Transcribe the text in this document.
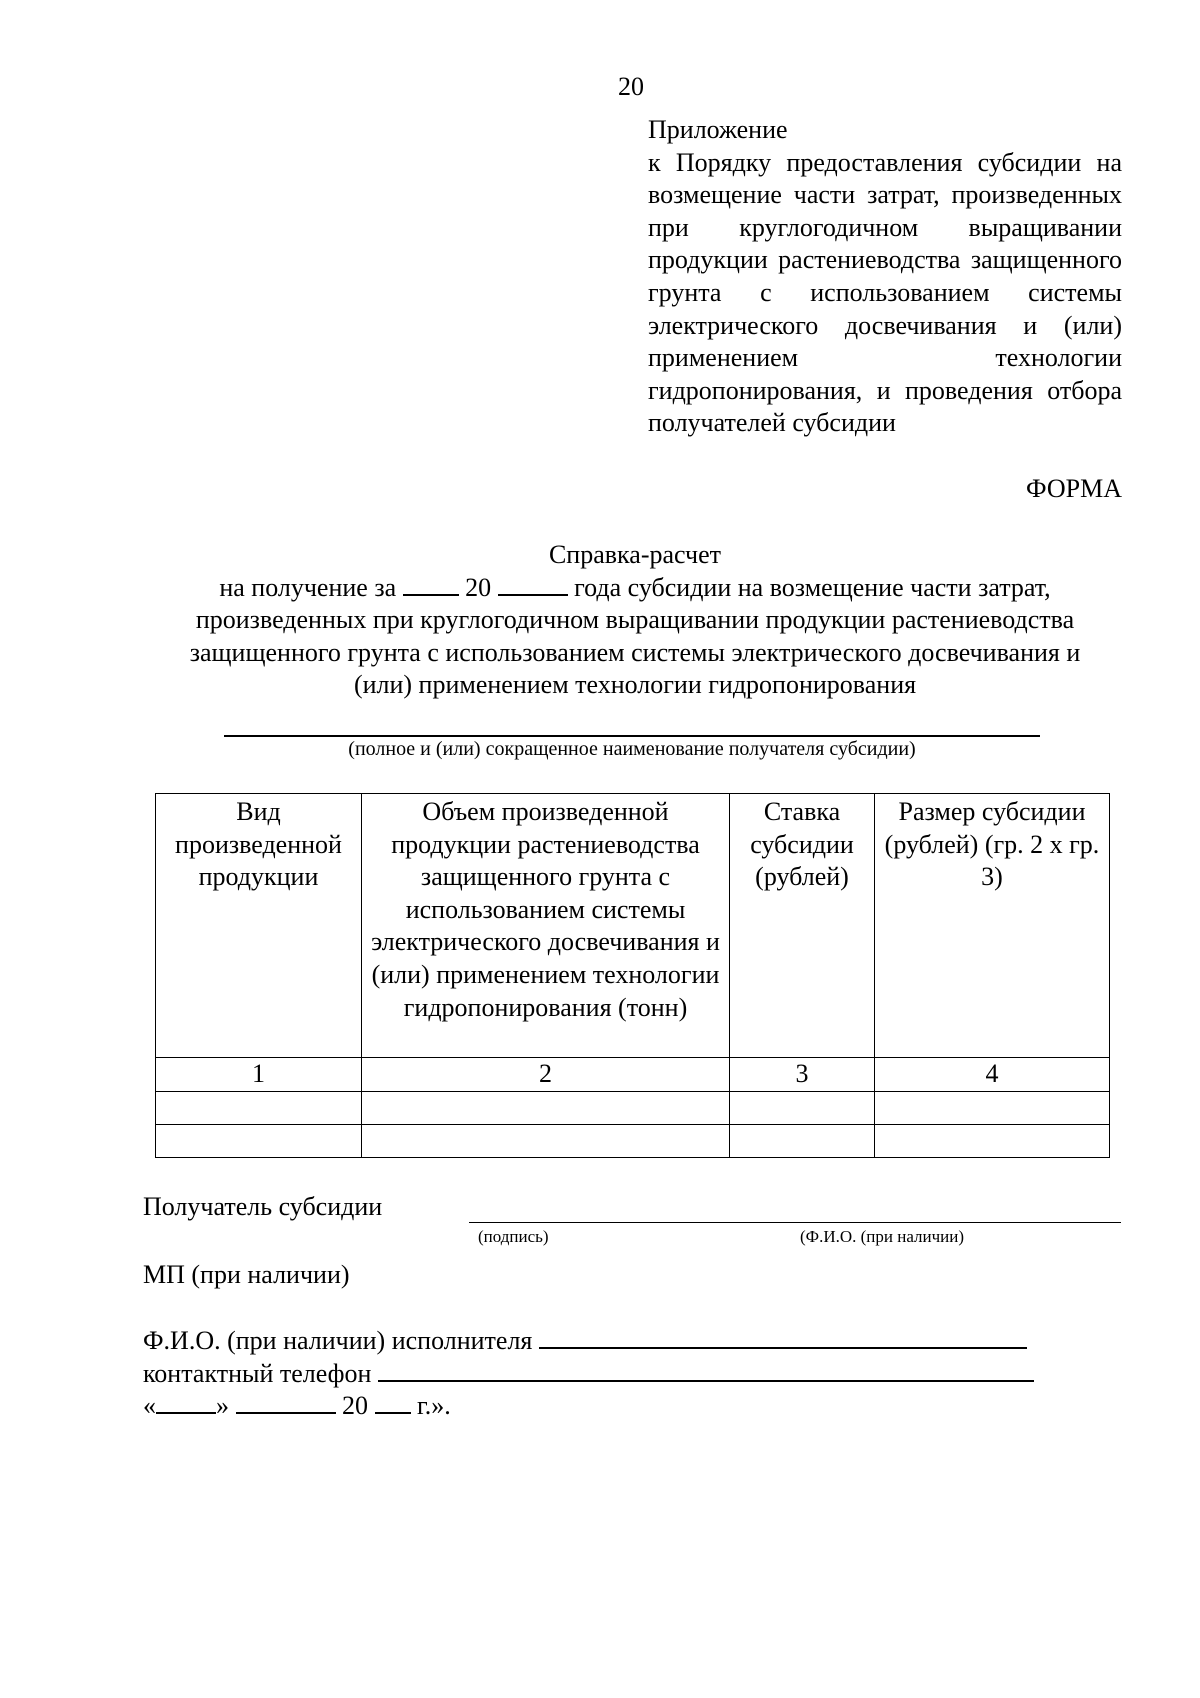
20
Приложение
к Порядку предоставления субсидии на возмещение части затрат, произведенных при круглогодичном выращивании продукции растениеводства защищенного грунта с использованием системы электрического досвечивания и (или) применением технологии гидропонирования, и проведения отбора получателей субсидии
ФОРМА
Справка-расчет
на получение за	20	года субсидии на возмещение части затрат,
произведенных при круглогодичном выращивании продукции растениеводства
защищенного грунта с использованием системы электрического досвечивания и
(или) применением технологии гидропонирования
(полное и (или) сокращенное наименование получателя субсидии)
Вид произведенной продукции	Объем произведенной продукции растениеводства защищенного грунта с использованием системы электрического досвечивания и (или) применением технологии гидропонирования (тонн)	Ставка субсидии (рублей)	Размер субсидии (рублей) (гр. 2 х гр. 3)
1	2	3	4

Получатель субсидии
(подпись)	(Ф.И.О. (при наличии)
МП (при наличии)
Ф.И.О. (при наличии) исполнителя
контактный телефон
« »	20 г.».
